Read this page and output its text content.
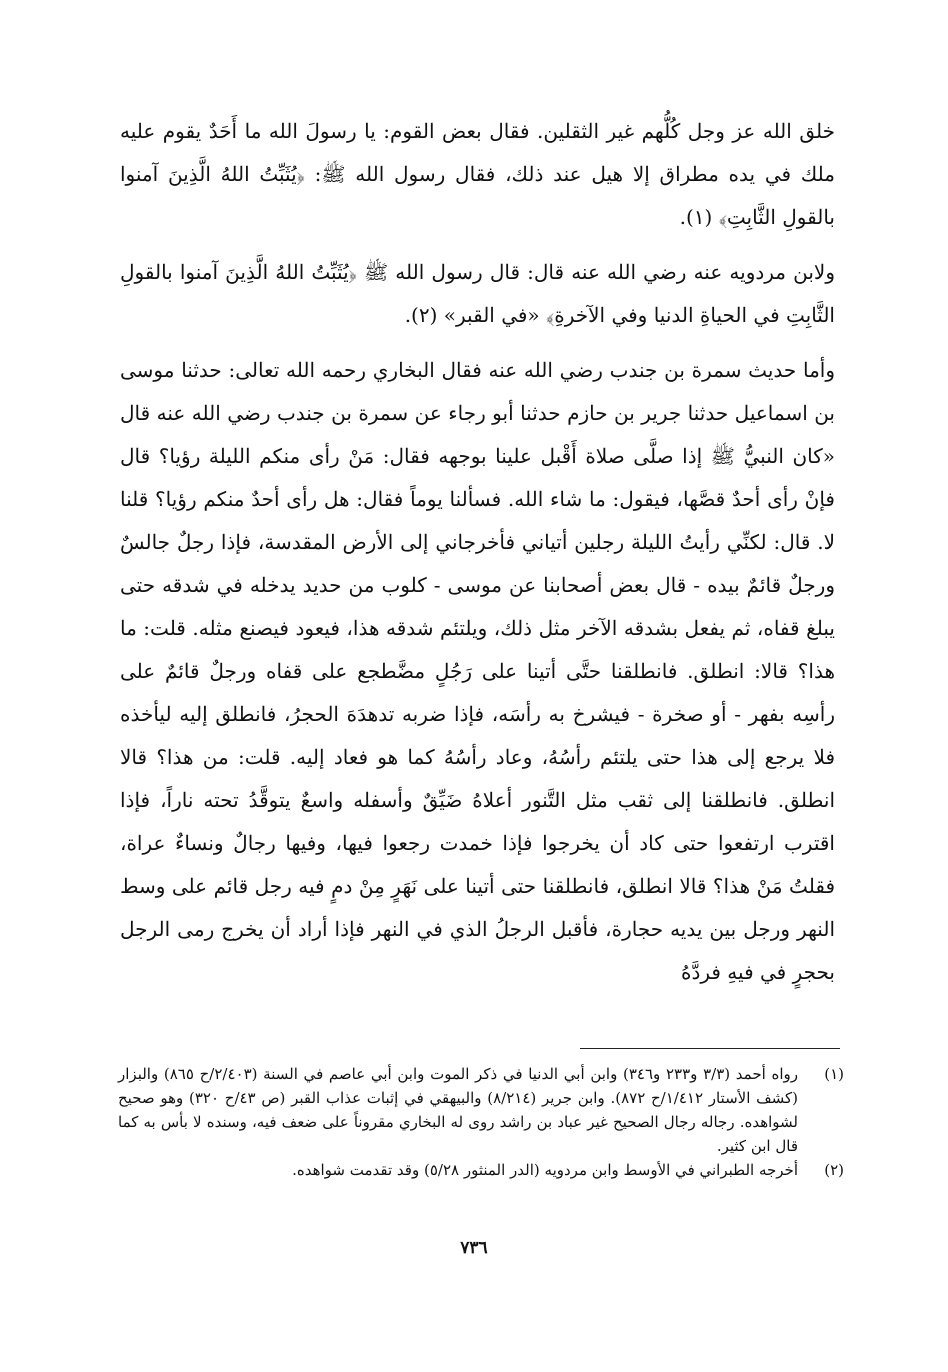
خلق الله عز وجل كُلُّهم غير الثقلين. فقال بعض القوم: يا رسولَ الله ما أَحَدٌ يقوم عليه ملك في يده مطراق إلا هيل عند ذلك، فقال رسول الله ﷺ: ﴿يُثَبِّتُ اللهُ الَّذِينَ آمنوا بالقولِ الثَّابِتِ﴾ (١).

ولابن مردويه عنه رضي الله عنه قال: قال رسول الله ﷺ ﴿يُثَبِّتُ اللهُ الَّذِينَ آمنوا بالقولِ الثَّابِتِ في الحياةِ الدنيا وفي الآخرةِ﴾ «في القبر» (٢).

وأما حديث سمرة بن جندب رضي الله عنه فقال البخاري رحمه الله تعالى: حدثنا موسى بن اسماعيل حدثنا جرير بن حازم حدثنا أبو رجاء عن سمرة بن جندب رضي الله عنه قال «كان النبيُّ ﷺ إذا صلَّى صلاة أَقْبل علينا بوجهه فقال: مَنْ رأى منكم الليلة رؤيا؟ قال فإنْ رأى أحدٌ قصَّها، فيقول: ما شاء الله. فسألنا يوماً فقال: هل رأى أحدٌ منكم رؤيا؟ قلنا لا. قال: لكنِّي رأيتُ الليلة رجلين أتياني فأخرجاني إلى الأرض المقدسة، فإذا رجلٌ جالسٌ ورجلٌ قائمٌ بيده - قال بعض أصحابنا عن موسى - كلوب من حديد يدخله في شدقه حتى يبلغ قفاه، ثم يفعل بشدقه الآخر مثل ذلك، ويلتئم شدقه هذا، فيعود فيصنع مثله. قلت: ما هذا؟ قالا: انطلق. فانطلقنا حتَّى أتينا على رَجُلٍ مضَّطجع على قفاه ورجلٌ قائمٌ على رأسِه بفهر - أو صخرة - فيشرخ به رأسَه، فإذا ضربه تدهدَهَ الحجرُ، فانطلق إليه ليأخذه فلا يرجع إلى هذا حتى يلتئم رأسُهُ، وعاد رأسُهُ كما هو فعاد إليه. قلت: من هذا؟ قالا انطلق. فانطلقنا إلى ثقب مثل التَّنور أعلاهُ ضَيِّقٌ وأسفله واسعٌ يتوقَّدُ تحته ناراً، فإذا اقترب ارتفعوا حتى كاد أن يخرجوا فإذا خمدت رجعوا فيها، وفيها رجالٌ ونساءٌ عراة، فقلتُ مَنْ هذا؟ قالا انطلق، فانطلقنا حتى أتينا على نَهَرٍ مِنْ دمٍ فيه رجل قائم على وسط النهر ورجل بين يديه حجارة، فأقبل الرجلُ الذي في النهر فإذا أراد أن يخرج رمى الرجل بحجرٍ في فيهِ فردَّهُ

(١)
رواه أحمد (٣/٣ و٢٣٣ و٣٤٦) وابن أبي الدنيا في ذكر الموت وابن أبي عاصم في السنة (٢/٤٠٣/ح ٨٦٥) والبزار (كشف الأستار ١/٤١٢/ح ٨٧٢). وابن جرير (٨/٢١٤) والبيهقي في إثبات عذاب القبر (ص ٤٣/ح ٣٢٠) وهو صحيح لشواهده. رجاله رجال الصحيح غير عباد بن راشد روى له البخاري مقروناً على ضعف فيه، وسنده لا بأس به كما قال ابن كثير.
(٢)
أخرجه الطبراني في الأوسط وابن مردويه (الدر المنثور ٥/٢٨) وقد تقدمت شواهده.
٧٣٦
